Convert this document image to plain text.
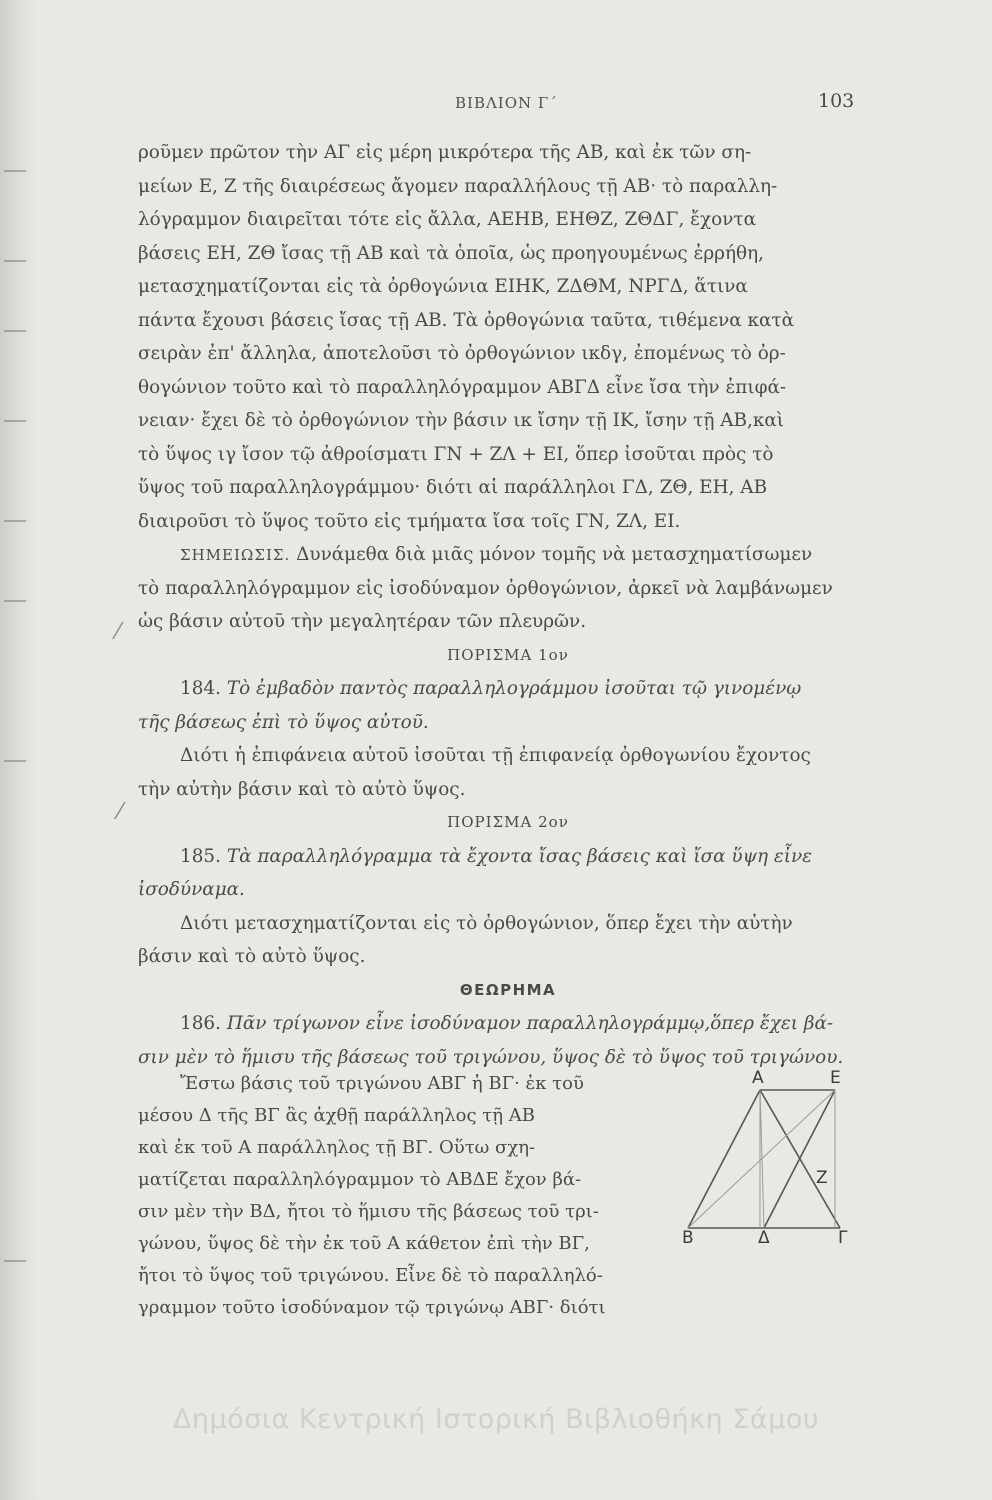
ΒΙΒΛΙΟΝ Γ΄	103
ροῦμεν πρῶτον τὴν ΑΓ εἰς μέρη μικρότερα τῆς ΑΒ, καὶ ἐκ τῶν ση-
μείων Ε, Ζ τῆς διαιρέσεως ἄγομεν παραλλήλους τῇ ΑΒ· τὸ παραλλη-
λόγραμμον διαιρεῖται τότε εἰς ἄλλα, ΑΕΗΒ, ΕΗΘΖ, ΖΘΔΓ, ἔχοντα
βάσεις ΕΗ, ΖΘ ἴσας τῇ ΑΒ καὶ τὰ ὁποῖα, ὡς προηγουμένως ἐρρήθη,
μετασχηματίζονται εἰς τὰ ὀρθογώνια ΕΙΗΚ, ΖΔΘΜ, ΝΡΓΔ, ἅτινα
πάντα ἔχουσι βάσεις ἴσας τῇ ΑΒ. Τὰ ὀρθογώνια ταῦτα, τιθέμενα κατὰ
σειρὰν ἐπ' ἄλληλα, ἀποτελοῦσι τὸ ὀρθογώνιον ικδγ, ἐπομένως τὸ ὀρ-
θογώνιον τοῦτο καὶ τὸ παραλληλόγραμμον ΑΒΓΔ εἶνε ἴσα τὴν ἐπιφά-
νειαν· ἔχει δὲ τὸ ὀρθογώνιον τὴν βάσιν ικ ἴσην τῇ ΙΚ, ἴσην τῇ ΑΒ,καὶ
τὸ ὕψος ιγ ἴσον τῷ ἀθροίσματι ΓΝ + ΖΛ + ΕΙ, ὅπερ ἰσοῦται πρὸς τὸ
ὕψος τοῦ παραλληλογράμμου· διότι αἱ παράλληλοι ΓΔ, ΖΘ, ΕΗ, ΑΒ
διαιροῦσι τὸ ὕψος τοῦτο εἰς τμήματα ἴσα τοῖς ΓΝ, ΖΛ, ΕΙ.
ΣΗΜΕΙΩΣΙΣ. Δυνάμεθα διὰ μιᾶς μόνον τομῆς νὰ μετασχηματίσωμεν
τὸ παραλληλόγραμμον εἰς ἰσοδύναμον ὀρθογώνιον, ἀρκεῖ νὰ λαμβάνωμεν
ὡς βάσιν αὐτοῦ τὴν μεγαλητέραν τῶν πλευρῶν.
ΠΟΡΙΣΜΑ 1ον
184. Τὸ ἐμβαδὸν παντὸς παραλληλογράμμου ἰσοῦται τῷ γινομένῳ
τῆς βάσεως ἐπὶ τὸ ὕψος αὐτοῦ.
Διότι ἡ ἐπιφάνεια αὐτοῦ ἰσοῦται τῇ ἐπιφανείᾳ ὀρθογωνίου ἔχοντος
τὴν αὐτὴν βάσιν καὶ τὸ αὐτὸ ὕψος.
ΠΟΡΙΣΜΑ 2ον
185. Τὰ παραλληλόγραμμα τὰ ἔχοντα ἴσας βάσεις καὶ ἴσα ὕψη εἶνε
ἰσοδύναμα.
Διότι μετασχηματίζονται εἰς τὸ ὀρθογώνιον, ὅπερ ἔχει τὴν αὐτὴν
βάσιν καὶ τὸ αὐτὸ ὕψος.
ΘΕΩΡΗΜΑ
186. Πᾶν τρίγωνον εἶνε ἰσοδύναμον παραλληλογράμμῳ,ὅπερ ἔχει βά-
σιν μὲν τὸ ἥμισυ τῆς βάσεως τοῦ τριγώνου, ὕψος δὲ τὸ ὕψος τοῦ τριγώνου.
Ἔστω βάσις τοῦ τριγώνου ΑΒΓ ἡ ΒΓ· ἐκ τοῦ
μέσου Δ τῆς ΒΓ ἂς ἀχθῇ παράλληλος τῇ ΑΒ
καὶ ἐκ τοῦ Α παράλληλος τῇ ΒΓ. Οὕτω σχη-
ματίζεται παραλληλόγραμμον τὸ ΑΒΔΕ ἔχον βά-
σιν μὲν τὴν ΒΔ, ἤτοι τὸ ἥμισυ τῆς βάσεως τοῦ τρι-
γώνου, ὕψος δὲ τὴν ἐκ τοῦ Α κάθετον ἐπὶ τὴν ΒΓ,
ἤτοι τὸ ὕψος τοῦ τριγώνου. Εἶνε δὲ τὸ παραλληλό-
γραμμον τοῦτο ἰσοδύναμον τῷ τριγώνῳ ΑΒΓ· διότι
Α	Ε
Ζ
Β	Δ	Γ
⁄
⁄
Δημόσια Κεντρική Ιστορική Βιβλιοθήκη Σάμου
